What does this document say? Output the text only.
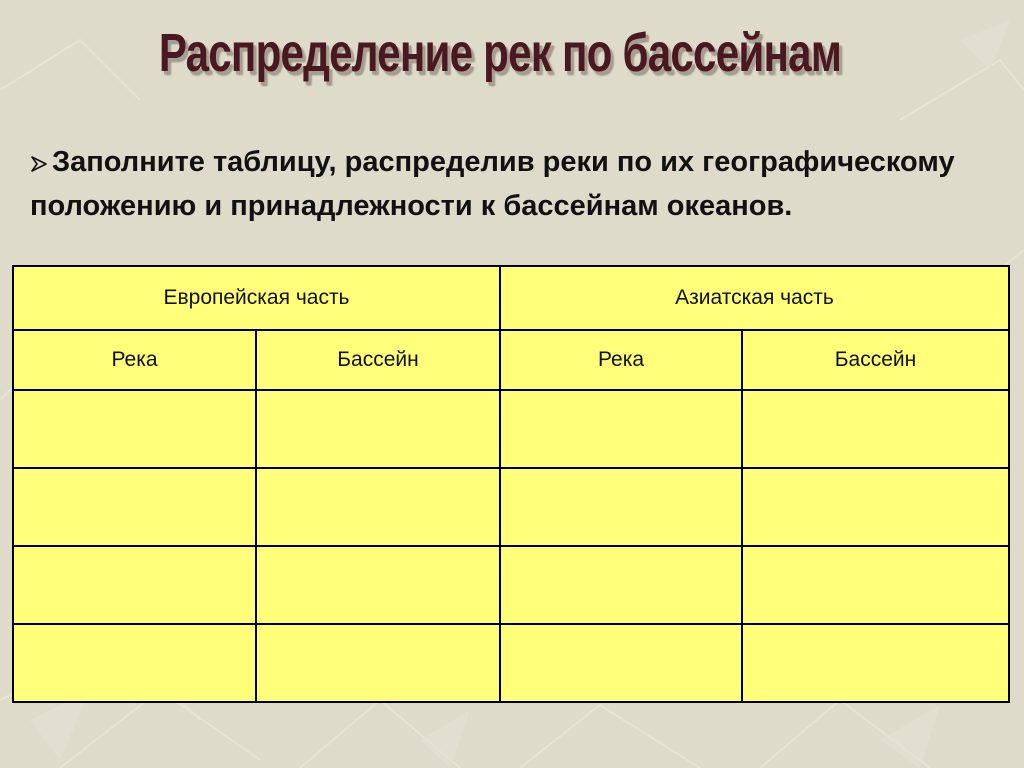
Распределение рек по бассейнам
Заполните таблицу, распределив реки по их географическому положению и принадлежности к бассейнам океанов.
Европейская часть		Азиатская часть	
Река	Бассейн	Река	Бассейн
